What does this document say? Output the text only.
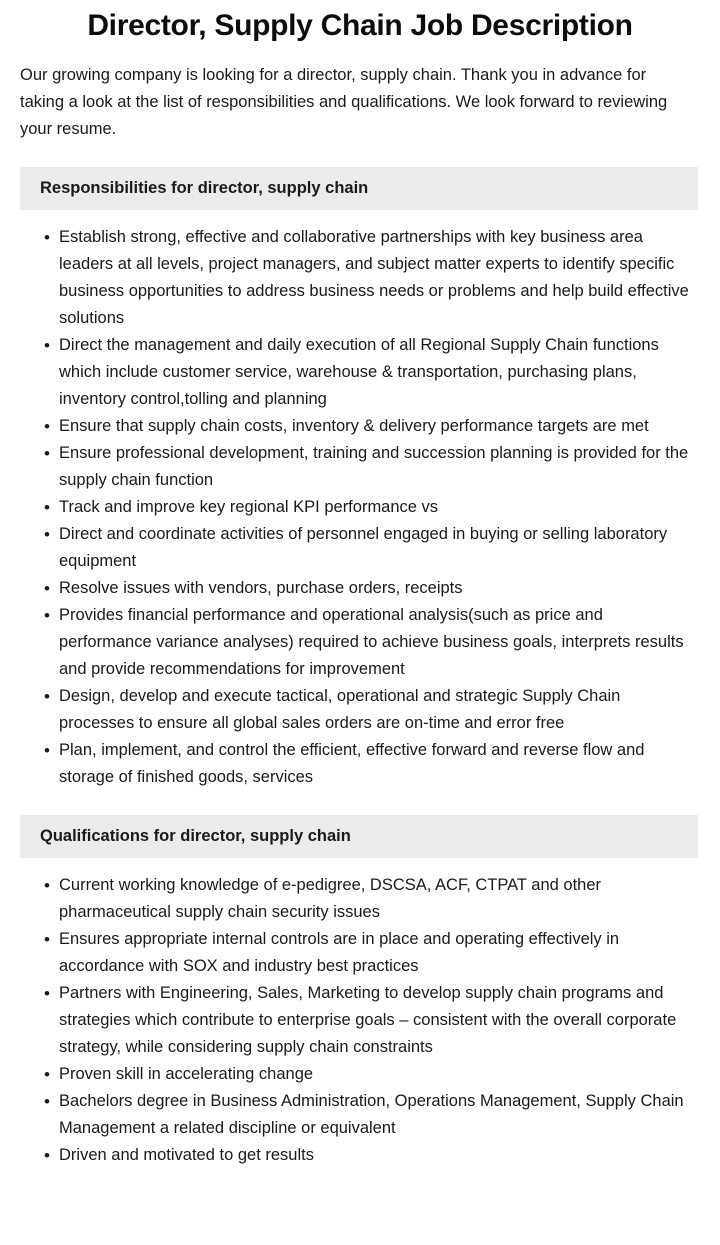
Director, Supply Chain Job Description

Our growing company is looking for a director, supply chain. Thank you in advance for taking a look at the list of responsibilities and qualifications. We look forward to reviewing your resume.

Responsibilities for director, supply chain
• Establish strong, effective and collaborative partnerships with key business area leaders at all levels, project managers, and subject matter experts to identify specific business opportunities to address business needs or problems and help build effective solutions
• Direct the management and daily execution of all Regional Supply Chain functions which include customer service, warehouse & transportation, purchasing plans, inventory control,tolling and planning
• Ensure that supply chain costs, inventory & delivery performance targets are met
• Ensure professional development, training and succession planning is provided for the supply chain function
• Track and improve key regional KPI performance vs
• Direct and coordinate activities of personnel engaged in buying or selling laboratory equipment
• Resolve issues with vendors, purchase orders, receipts
• Provides financial performance and operational analysis(such as price and performance variance analyses) required to achieve business goals, interprets results and provide recommendations for improvement
• Design, develop and execute tactical, operational and strategic Supply Chain processes to ensure all global sales orders are on-time and error free
• Plan, implement, and control the efficient, effective forward and reverse flow and storage of finished goods, services
Qualifications for director, supply chain
• Current working knowledge of e-pedigree, DSCSA, ACF, CTPAT and other pharmaceutical supply chain security issues
• Ensures appropriate internal controls are in place and operating effectively in accordance with SOX and industry best practices
• Partners with Engineering, Sales, Marketing to develop supply chain programs and strategies which contribute to enterprise goals – consistent with the overall corporate strategy, while considering supply chain constraints
• Proven skill in accelerating change
• Bachelors degree in Business Administration, Operations Management, Supply Chain Management a related discipline or equivalent
• Driven and motivated to get results
